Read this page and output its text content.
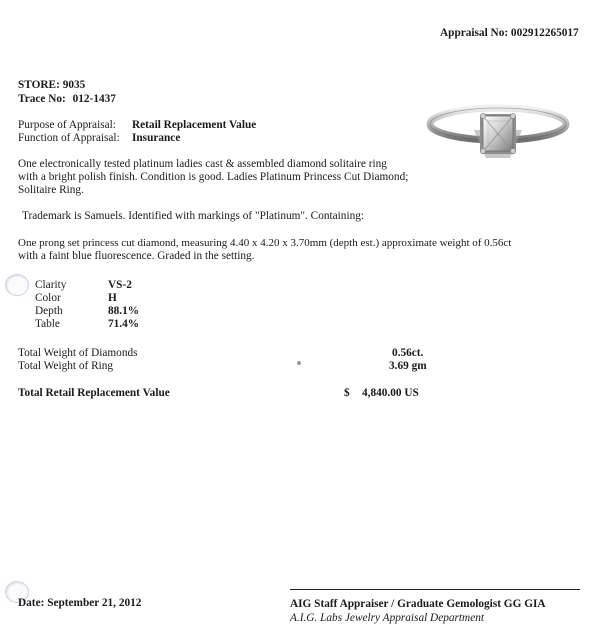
Appraisal No: 002912265017
STORE: 9035
Trace No: 012-1437
Purpose of Appraisal: Retail Replacement Value
Function of Appraisal: Insurance
One electronically tested platinum ladies cast & assembled diamond solitaire ring
with a bright polish finish. Condition is good. Ladies Platinum Princess Cut Diamond;
Solitaire Ring.
Trademark is Samuels. Identified with markings of "Platinum". Containing:
One prong set princess cut diamond, measuring 4.40 x 4.20 x 3.70mm (depth est.) approximate weight of 0.56ct
with a faint blue fluorescence. Graded in the setting.
Clarity	VS-2
Color	H
Depth	88.1%
Table	71.4%
Total Weight of Diamonds	0.56ct.
Total Weight of Ring	3.69 gm
Total Retail Replacement Value	$ 4,840.00 US
Date: September 21, 2012	AIG Staff Appraiser / Graduate Gemologist GG GIA
A.I.G. Labs Jewelry Appraisal Department
